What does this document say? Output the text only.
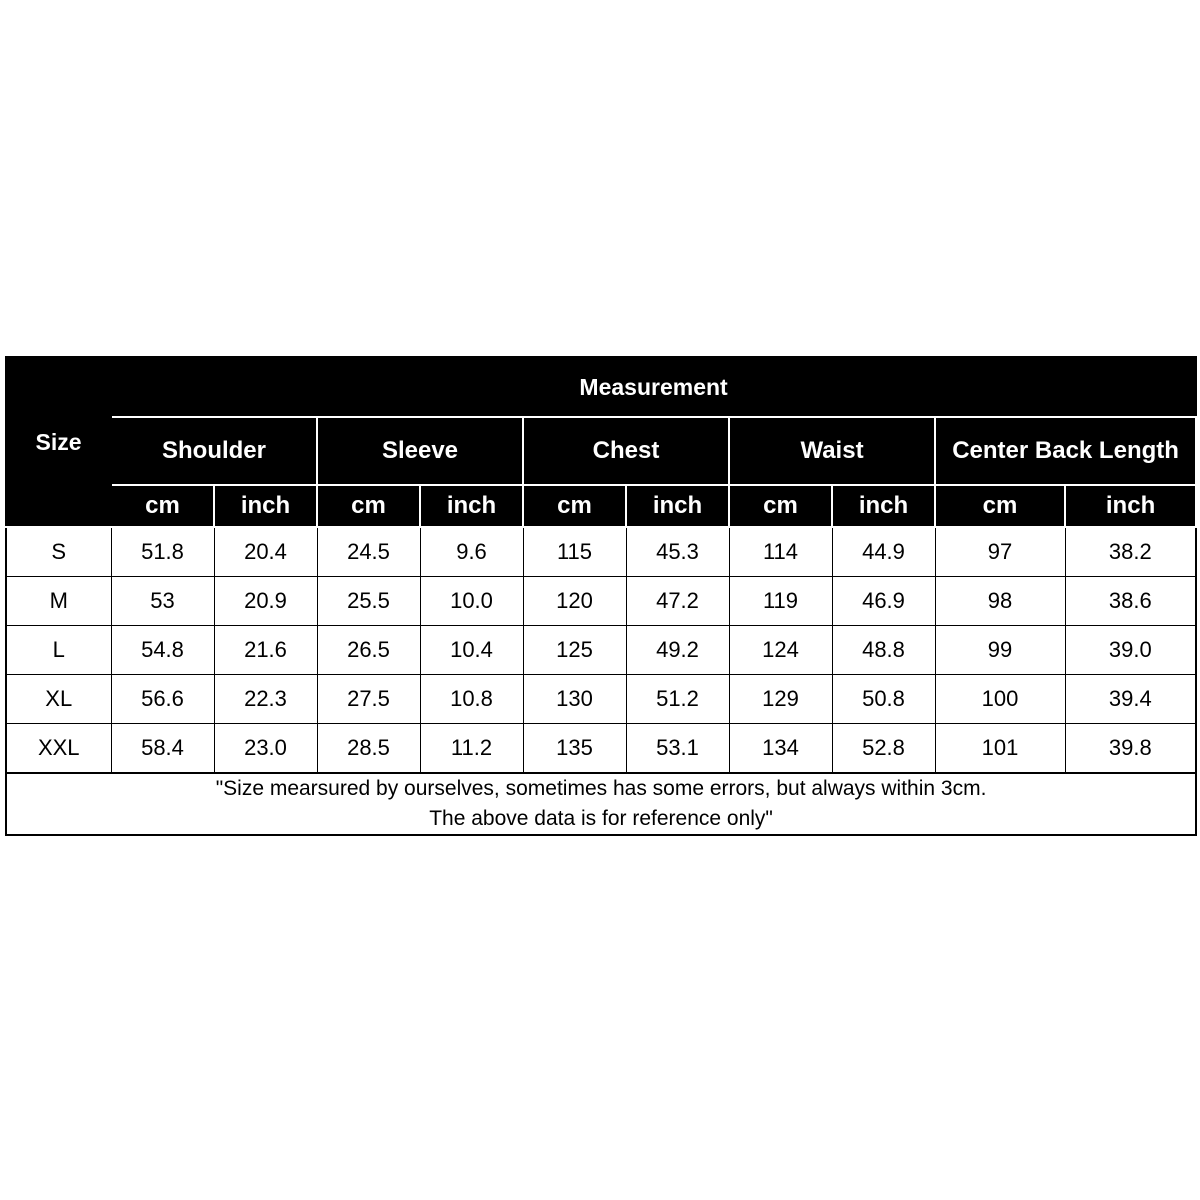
Size	Measurement									
	Shoulder		Sleeve		Chest		Waist		Center Back Length	
	cm	inch	cm	inch	cm	inch	cm	inch	cm	inch
S	51.8	20.4	24.5	9.6	115	45.3	114	44.9	97	38.2
M	53	20.9	25.5	10.0	120	47.2	119	46.9	98	38.6
L	54.8	21.6	26.5	10.4	125	49.2	124	48.8	99	39.0
XL	56.6	22.3	27.5	10.8	130	51.2	129	50.8	100	39.4
XXL	58.4	23.0	28.5	11.2	135	53.1	134	52.8	101	39.8

"Size mearsured by ourselves, sometimes has some errors, but always within 3cm.
The above data is for reference only"										
